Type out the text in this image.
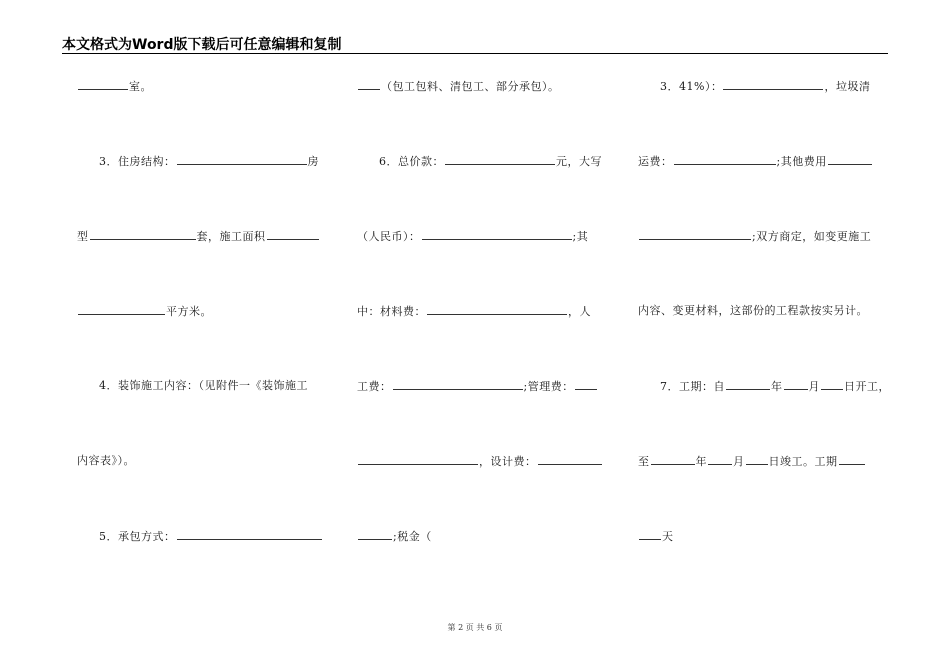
本文格式为Word版下载后可任意编辑和复制
室。
3．住房结构：	房
型	套，施工面积
平方米。
4．装饰施工内容：（见附件一《装饰施工
内容表》）。
5．承包方式：
（包工包料、清包工、部分承包）。
6．总价款：	元，大写
（人民币）：	;其
中：材料费：	，人
工费：	;管理费：
，设计费：
;税金（
3．41%）：	，垃圾清
运费：	;其他费用
;双方商定，如变更施工
内容、变更材料，这部份的工程款按实另计。
7．工期：自	年 月 日开工，
至	年 月 日竣工。工期
天
第 2 页 共 6 页
